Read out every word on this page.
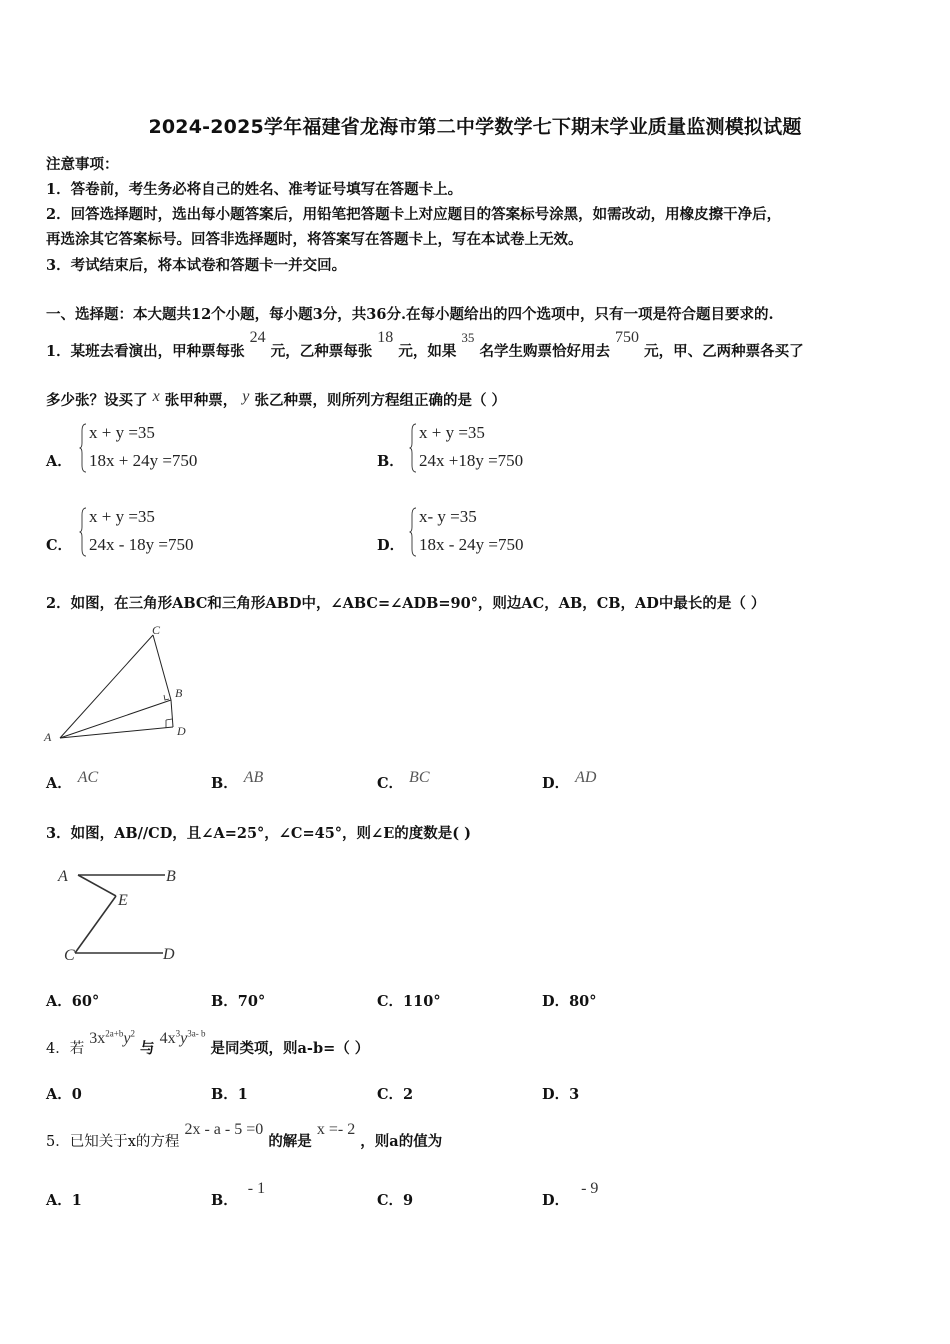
2024-2025学年福建省龙海市第二中学数学七下期末学业质量监测模拟试题
注意事项：
1．答卷前，考生务必将自己的姓名、准考证号填写在答题卡上。
2．回答选择题时，选出每小题答案后，用铅笔把答题卡上对应题目的答案标号涂黑，如需改动，用橡皮擦干净后，
再选涂其它答案标号。回答非选择题时，将答案写在答题卡上，写在本试卷上无效。
3．考试结束后，将本试卷和答题卡一并交回。
一、选择题：本大题共12个小题，每小题3分，共36分.在每小题给出的四个选项中，只有一项是符合题目要求的.
1．某班去看演出，甲种票每张 24 元，乙种票每张 18 元，如果 35 名学生购票恰好用去 750 元，甲、乙两种票各买了
多少张？设买了 x 张甲种票， y 张乙种票，则所列方程组正确的是（ ）
A．
x + y =35
18x + 24y =750	B．
x + y =35
24x +18y =750
C．
x + y =35
24x - 18y =750	D．
x- y =35
18x - 24y =750
2．如图，在三角形ABC和三角形ABD中，∠ABC=∠ADB=90°，则边AC，AB，CB，AD中最长的是（ ）
C
B
D
A
A． AC	B． AB	C． BC	D． AD
3．如图，AB//CD，且∠A=25°，∠C=45°，则∠E的度数是( )
A	B
E
C	D
A．60°	B．70°	C．110°	D．80°
4．若 $3x^{2a+b}y^2$ 与 $4x^3y^{3a- b}$ 是同类项，则a-b=（ ）
A．0	B．1	C．2	D．3
5．已知关于x的方程 2x - a - 5 =0 的解是 x =- 2 ，则a的值为
A．1	B．- 1
C．9	D．- 9
